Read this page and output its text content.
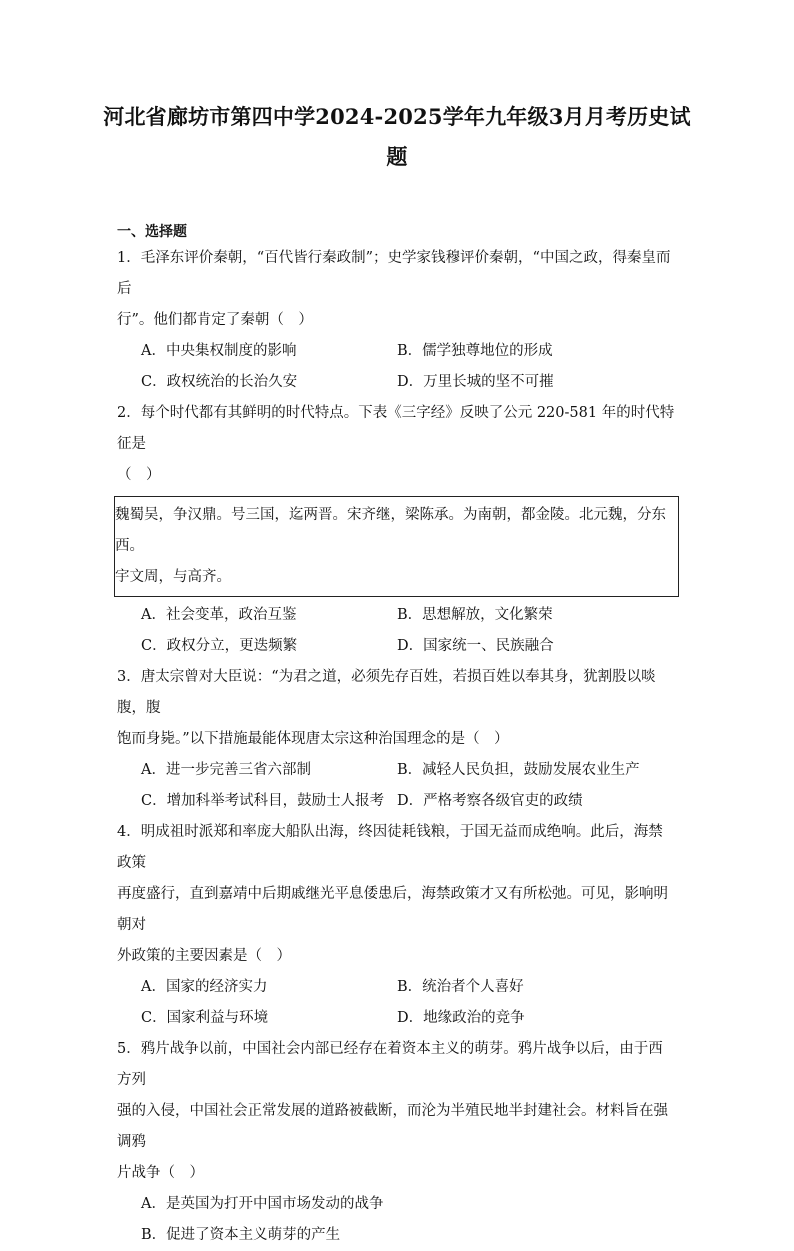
河北省廊坊市第四中学2024-2025学年九年级3月月考历史试
题
一、选择题

1．毛泽东评价秦朝，“百代皆行秦政制”；史学家钱穆评价秦朝，“中国之政，得秦皇而后

行”。他们都肯定了秦朝（　）

A．中央集权制度的影响	B．儒学独尊地位的形成
C．政权统治的长治久安	D．万里长城的坚不可摧

2．每个时代都有其鲜明的时代特点。下表《三字经》反映了公元 220-581 年的时代特征是

（　）

魏蜀吴，争汉鼎。号三国，迄两晋。宋齐继，梁陈承。为南朝，都金陵。北元魏，分东西。
宇文周，与高齐。
A．社会变革，政治互鉴	B．思想解放，文化繁荣
C．政权分立，更迭频繁	D．国家统一、民族融合

3．唐太宗曾对大臣说：“为君之道，必须先存百姓，若损百姓以奉其身，犹割股以啖腹，腹

饱而身毙。”以下措施最能体现唐太宗这种治国理念的是（　）

A．进一步完善三省六部制	B．减轻人民负担，鼓励发展农业生产
C．增加科举考试科目，鼓励士人报考 D．严格考察各级官吏的政绩

4．明成祖时派郑和率庞大船队出海，终因徒耗钱粮，于国无益而成绝响。此后，海禁政策

再度盛行，直到嘉靖中后期戚继光平息倭患后，海禁政策才又有所松弛。可见，影响明朝对

外政策的主要因素是（　）

A．国家的经济实力	B．统治者个人喜好
C．国家利益与环境	D．地缘政治的竞争

5．鸦片战争以前，中国社会内部已经存在着资本主义的萌芽。鸦片战争以后，由于西方列

强的入侵，中国社会正常发展的道路被截断，而沦为半殖民地半封建社会。材料旨在强调鸦

片战争（　）

A．是英国为打开中国市场发动的战争
B．促进了资本主义萌芽的产生
